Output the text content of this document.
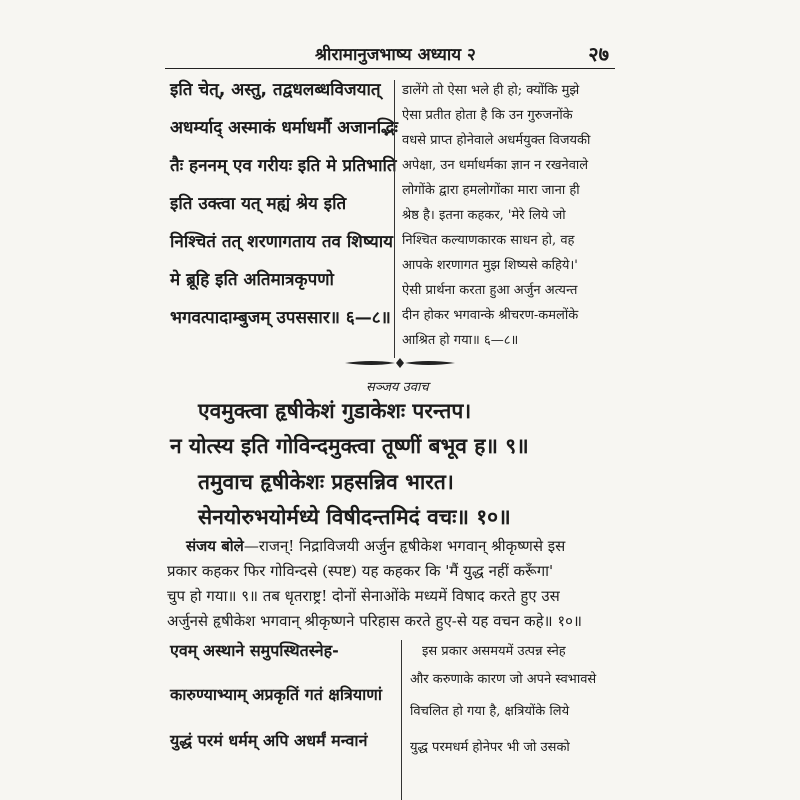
श्रीरामानुजभाष्य अध्याय २	२७
इति चेत्, अस्तु, तद्वधलब्धविजयात्
अधर्म्याद् अस्माकं धर्माधर्मौ अजानद्भिः
तैः हननम् एव गरीयः इति मे प्रतिभाति
इति उक्त्वा यत् मह्यं श्रेय इति
निश्चितं तत् शरणागताय तव शिष्याय
मे ब्रूहि इति अतिमात्रकृपणो
भगवत्पादाम्बुजम् उपससार॥ ६—८॥
डालेंगे तो ऐसा भले ही हो; क्योंकि मुझे
ऐसा प्रतीत होता है कि उन गुरुजनोंके
वधसे प्राप्त होनेवाले अधर्मयुक्त विजयकी
अपेक्षा, उन धर्माधर्मका ज्ञान न रखनेवाले
लोगोंके द्वारा हमलोगोंका मारा जाना ही
श्रेष्ठ है। इतना कहकर, 'मेरे लिये जो
निश्चित कल्याणकारक साधन हो, वह
आपके शरणागत मुझ शिष्यसे कहिये।'
ऐसी प्रार्थना करता हुआ अर्जुन अत्यन्त
दीन होकर भगवान्के श्रीचरण-कमलोंके
आश्रित हो गया॥ ६—८॥
सञ्जय उवाच
एवमुक्त्वा हृषीकेशं गुडाकेशः परन्तप।
न योत्स्य इति गोविन्दमुक्त्वा तूष्णीं बभूव ह॥ ९॥
तमुवाच हृषीकेशः प्रहसन्निव भारत।
सेनयोरुभयोर्मध्ये विषीदन्तमिदं वचः॥ १०॥
संजय बोले—राजन्! निद्राविजयी अर्जुन हृषीकेश भगवान् श्रीकृष्णसे इस
प्रकार कहकर फिर गोविन्दसे (स्पष्ट) यह कहकर कि 'मैं युद्ध नहीं करूँगा'
चुप हो गया॥ ९॥ तब धृतराष्ट्र! दोनों सेनाओंके मध्यमें विषाद करते हुए उस
अर्जुनसे हृषीकेश भगवान् श्रीकृष्णने परिहास करते हुए-से यह वचन कहे॥ १०॥
एवम् अस्थाने समुपस्थितस्नेह-
कारुण्याभ्याम् अप्रकृतिं गतं क्षत्रियाणां
युद्धं परमं धर्मम् अपि अधर्मं मन्वानं
इस प्रकार असमयमें उत्पन्न स्नेह
और करुणाके कारण जो अपने स्वभावसे
विचलित हो गया है, क्षत्रियोंके लिये
युद्ध परमधर्म होनेपर भी जो उसको
